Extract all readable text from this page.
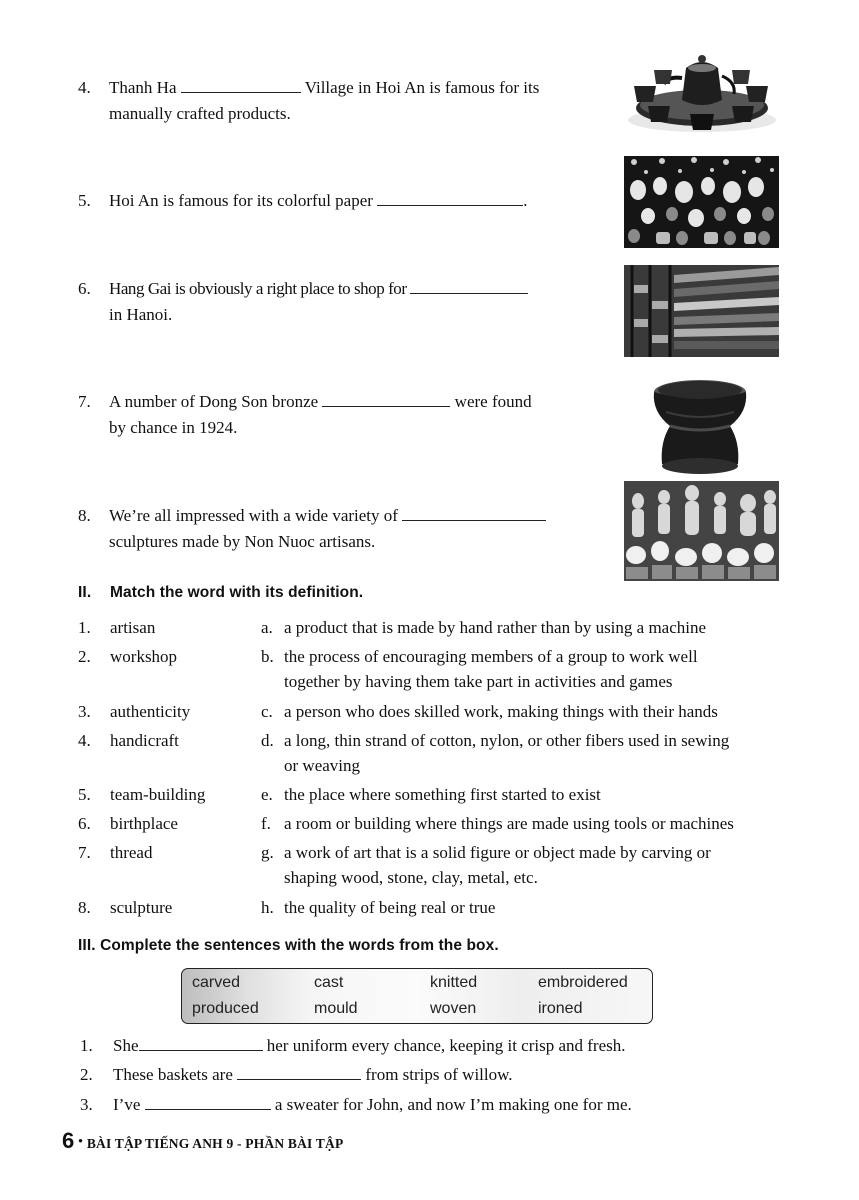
4.	Thanh Ha	Village in Hoi An is famous for its
manually crafted products.
5.	Hoi An is famous for its colorful paper	.
6.	Hang Gai is obviously a right place to shop for
in Hanoi.
7.	A number of Dong Son bronze	were found
by chance in 1924.
8.	We’re all impressed with a wide variety of
sculptures made by Non Nuoc artisans.
II. Match the word with its definition.
1.	artisan	a. a product that is made by hand rather than by using a machine
2.	workshop	b. the process of encouraging members of a group to work well
together by having them take part in activities and games
3.	authenticity	c. a person who does skilled work, making things with their hands
4.	handicraft	d. a long, thin strand of cotton, nylon, or other fibers used in sewing
or weaving
5.	team-building	e. the place where something first started to exist
6.	birthplace	f. a room or building where things are made using tools or machines
7.	thread	g. a work of art that is a solid figure or object made by carving or
shaping wood, stone, clay, metal, etc.
8.	sculpture	h. the quality of being real or true
III. Complete the sentences with the words from the box.
carved	cast	knitted	embroidered
produced	mould	woven	ironed
1.	She	her uniform every chance, keeping it crisp and fresh.
2.	These baskets are	from strips of willow.
3.	I’ve	a sweater for John, and now I’m making one for me.
6 • BÀI TẬP TIẾNG ANH 9 - PHẦN BÀI TẬP
